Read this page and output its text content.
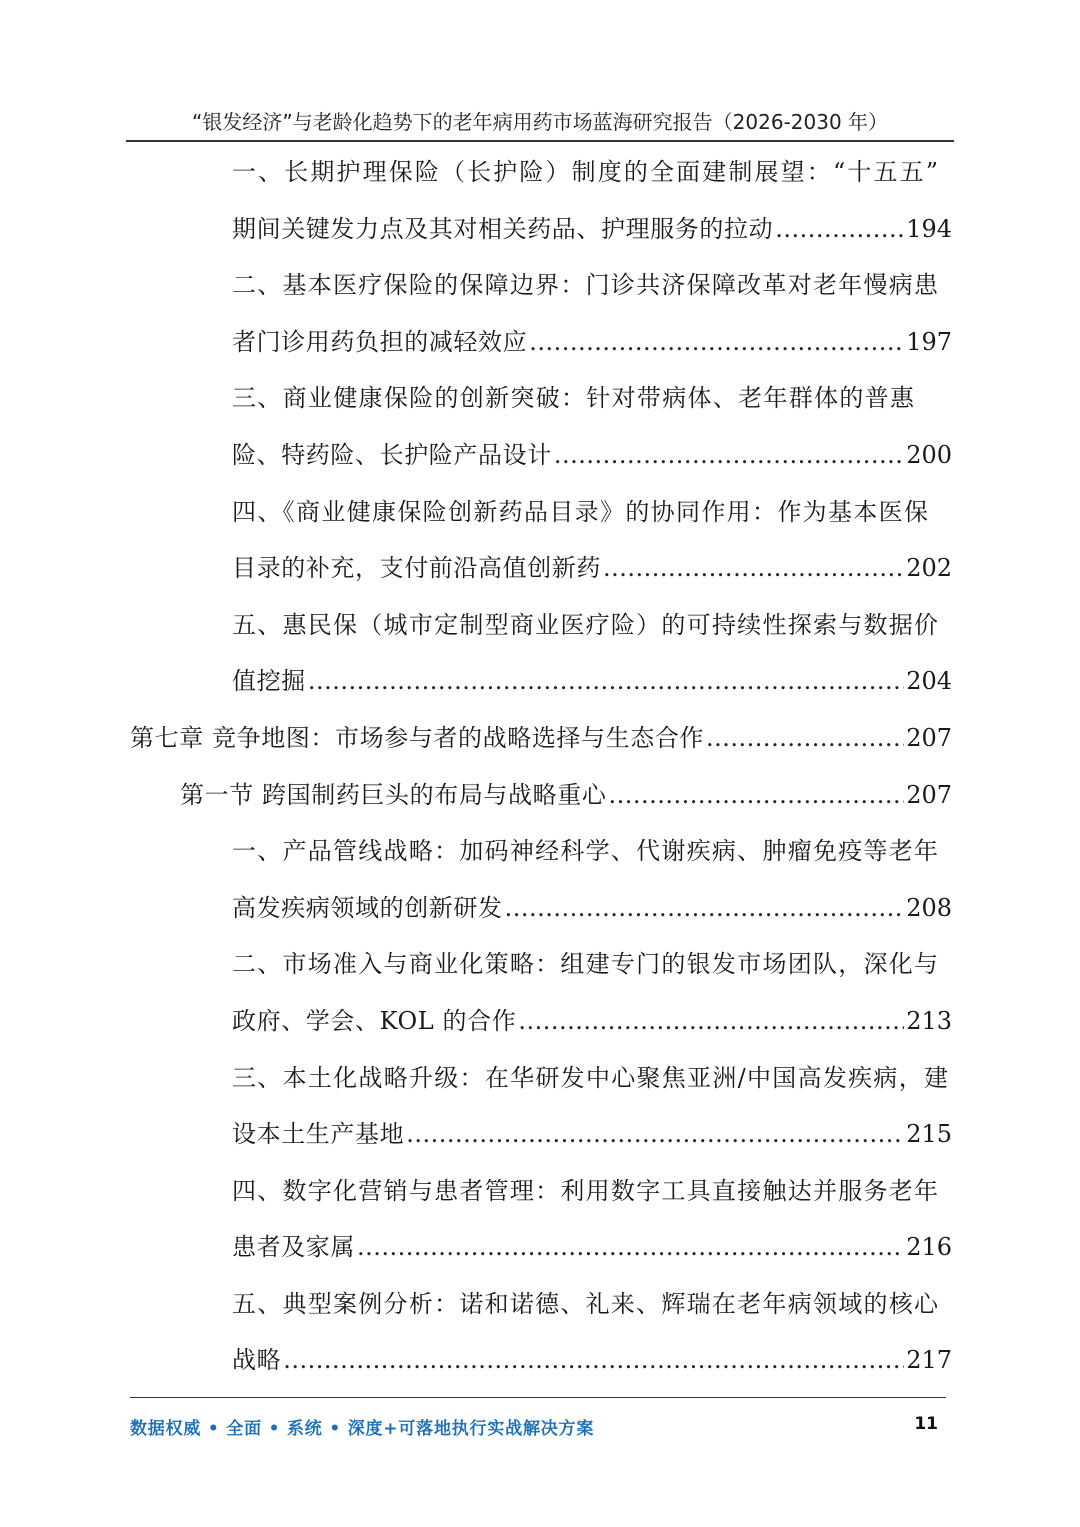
“银发经济”与老龄化趋势下的老年病用药市场蓝海研究报告（2026-2030 年）
一、长期护理保险（长护险）制度的全面建制展望：“十五五”
期间关键发力点及其对相关药品、护理服务的拉动 .....	194
二、基本医疗保险的保障边界：门诊共济保障改革对老年慢病患
者门诊用药负担的减轻效应 .....	197
三、商业健康保险的创新突破：针对带病体、老年群体的普惠
险、特药险、长护险产品设计 .....	200
四、《商业健康保险创新药品目录》的协同作用：作为基本医保
目录的补充，支付前沿高值创新药 .....	202
五、惠民保（城市定制型商业医疗险）的可持续性探索与数据价
值挖掘 .....	204
第七章 竞争地图：市场参与者的战略选择与生态合作 .....	207
第一节 跨国制药巨头的布局与战略重心 .....	207
一、产品管线战略：加码神经科学、代谢疾病、肿瘤免疫等老年
高发疾病领域的创新研发 .....	208
二、市场准入与商业化策略：组建专门的银发市场团队，深化与
政府、学会、KOL 的合作 .....	213
三、本土化战略升级：在华研发中心聚焦亚洲/中国高发疾病，建
设本土生产基地 .....	215
四、数字化营销与患者管理：利用数字工具直接触达并服务老年
患者及家属 .....	216
五、典型案例分析：诺和诺德、礼来、辉瑞在老年病领域的核心
战略 .....	217
数据权威 • 全面 • 系统 • 深度+可落地执行实战解决方案	11
